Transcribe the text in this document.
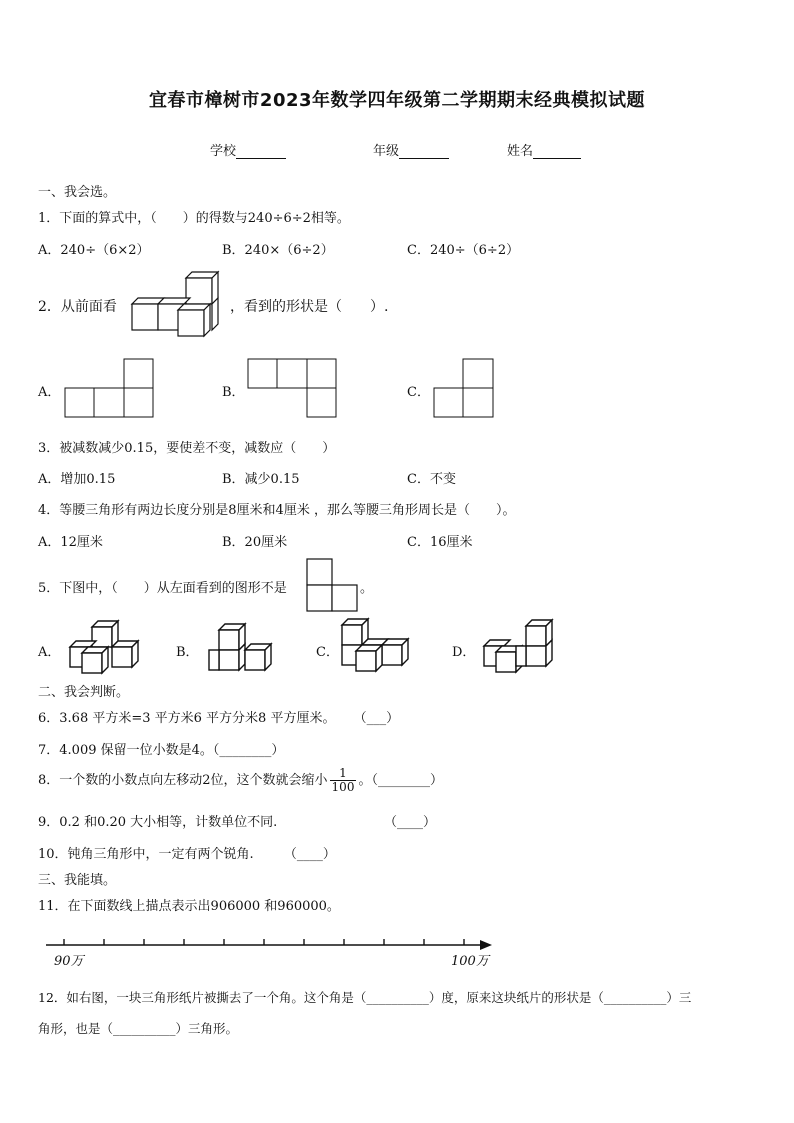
宜春市樟树市2023年数学四年级第二学期期末经典模拟试题
学校	年级	姓名
一、我会选。
1．下面的算式中，（　　）的得数与240÷6÷2相等。
A．240÷（6×2）	B．240×（6÷2）	C．240÷（6÷2）
2．从前面看	，看到的形状是（　　）.
A．	B．	C．
3．被减数减少0.15，要使差不变，减数应（　　）
A．增加0.15	B．减少0.15	C．不变
4．等腰三角形有两边长度分别是8厘米和4厘米 ，那么等腰三角形周长是（　　）。
A．12厘米	B．20厘米	C．16厘米
5．下图中，（　　）从左面看到的图形不是	。
A．	B．	C．	D．
二、我会判断。
6．3.68 平方米=3 平方米6 平方分米8 平方厘米。 （___）
7．4.009 保留一位小数是4。（________）
8．一个数的小数点向左移动2位，这个数就会缩小 $\frac{1}{100}$ 。（________）
9．0.2 和0.20 大小相等，计数单位不同.	（____）
10．钝角三角形中，一定有两个锐角. （____）
三、我能填。
11．在下面数线上描点表示出906000 和960000。
90万	100万
12．如右图，一块三角形纸片被撕去了一个角。这个角是（__________）度，原来这块纸片的形状是（__________）三
角形，也是（__________）三角形。
